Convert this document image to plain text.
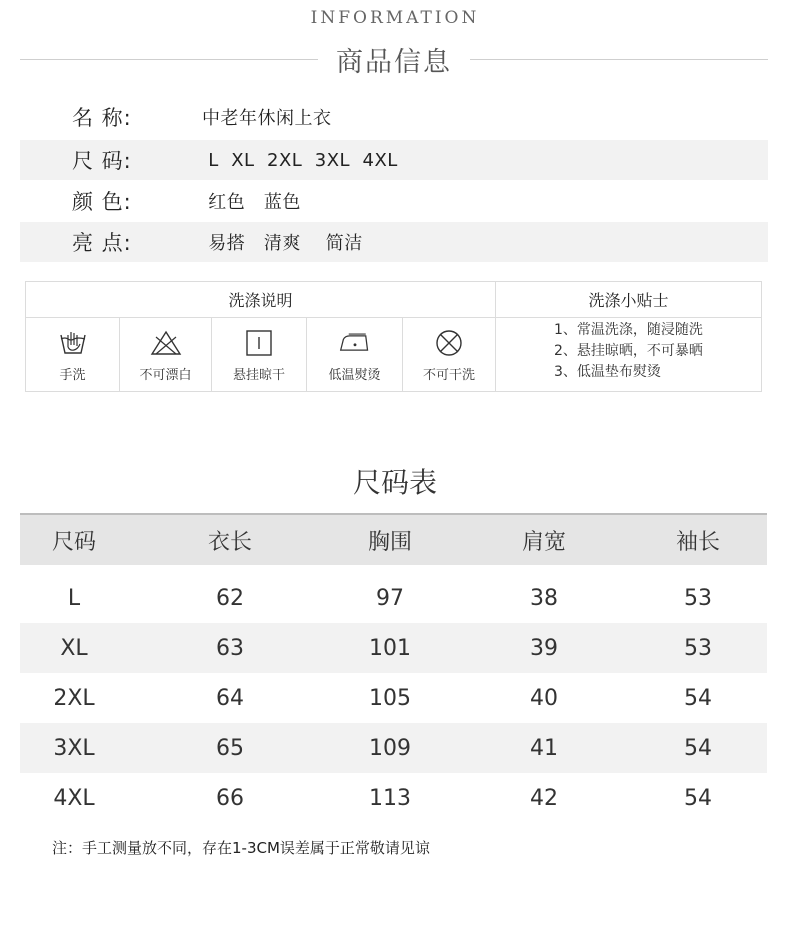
INFORMATION
商品信息
名 称:	中老年休闲上衣
尺 码:	L  XL  2XL  3XL  4XL
颜 色:	红色   蓝色
亮 点:	易搭   清爽    简洁
洗涤说明	洗涤小贴士
手洗	不可漂白	悬挂晾干	低温熨烫	不可干洗
1、常温洗涤，随浸随洗
2、悬挂晾晒，不可暴晒
3、低温垫布熨烫
尺码表
尺码	衣长	胸围	肩宽	袖长
L	62	97	38	53
XL	63	101	39	53
2XL	64	105	40	54
3XL	65	109	41	54
4XL	66	113	42	54
注：手工测量放不同，存在1-3CM误差属于正常敬请见谅
